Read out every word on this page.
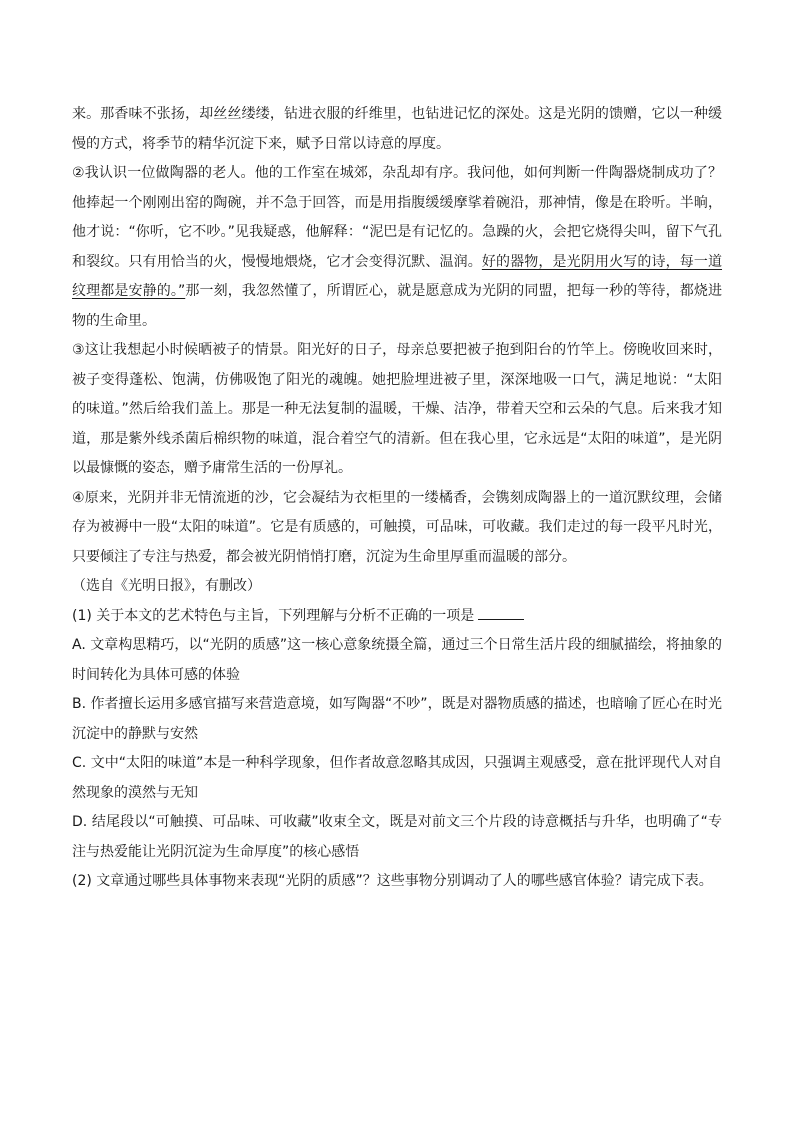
来。那香味不张扬，却丝丝缕缕，钻进衣服的纤维里，也钻进记忆的深处。这是光阴的馈赠，它以一种缓慢的方式，将季节的精华沉淀下来，赋予日常以诗意的厚度。

②我认识一位做陶器的老人。他的工作室在城郊，杂乱却有序。我问他，如何判断一件陶器烧制成功了？他捧起一个刚刚出窑的陶碗，并不急于回答，而是用指腹缓缓摩挲着碗沿，那神情，像是在聆听。半晌，他才说：“你听，它不吵。”见我疑惑，他解释：“泥巴是有记忆的。急躁的火，会把它烧得尖叫，留下气孔和裂纹。只有用恰当的火，慢慢地煨烧，它才会变得沉默、温润。好的器物，是光阴用火写的诗，每一道纹理都是安静的。”那一刻，我忽然懂了，所谓匠心，就是愿意成为光阴的同盟，把每一秒的等待，都烧进物的生命里。

③这让我想起小时候晒被子的情景。阳光好的日子，母亲总要把被子抱到阳台的竹竿上。傍晚收回来时，被子变得蓬松、饱满，仿佛吸饱了阳光的魂魄。她把脸埋进被子里，深深地吸一口气，满足地说：“太阳的味道。”然后给我们盖上。那是一种无法复制的温暖，干燥、洁净，带着天空和云朵的气息。后来我才知道，那是紫外线杀菌后棉织物的味道，混合着空气的清新。但在我心里，它永远是“太阳的味道”，是光阴以最慷慨的姿态，赠予庸常生活的一份厚礼。

④原来，光阴并非无情流逝的沙，它会凝结为衣柜里的一缕橘香，会镌刻成陶器上的一道沉默纹理，会储存为被褥中一股“太阳的味道”。它是有质感的，可触摸，可品味，可收藏。我们走过的每一段平凡时光，只要倾注了专注与热爱，都会被光阴悄悄打磨，沉淀为生命里厚重而温暖的部分。

（选自《光明日报》，有删改）

(1) 关于本文的艺术特色与主旨，下列理解与分析不正确的一项是

A. 文章构思精巧，以“光阴的质感”这一核心意象统摄全篇，通过三个日常生活片段的细腻描绘，将抽象的时间转化为具体可感的体验

B. 作者擅长运用多感官描写来营造意境，如写陶器“不吵”，既是对器物质感的描述，也暗喻了匠心在时光沉淀中的静默与安然

C. 文中“太阳的味道”本是一种科学现象，但作者故意忽略其成因，只强调主观感受，意在批评现代人对自然现象的漠然与无知

D. 结尾段以“可触摸、可品味、可收藏”收束全文，既是对前文三个片段的诗意概括与升华，也明确了“专注与热爱能让光阴沉淀为生命厚度”的核心感悟

(2) 文章通过哪些具体事物来表现“光阴的质感”？这些事物分别调动了人的哪些感官体验？请完成下表。
